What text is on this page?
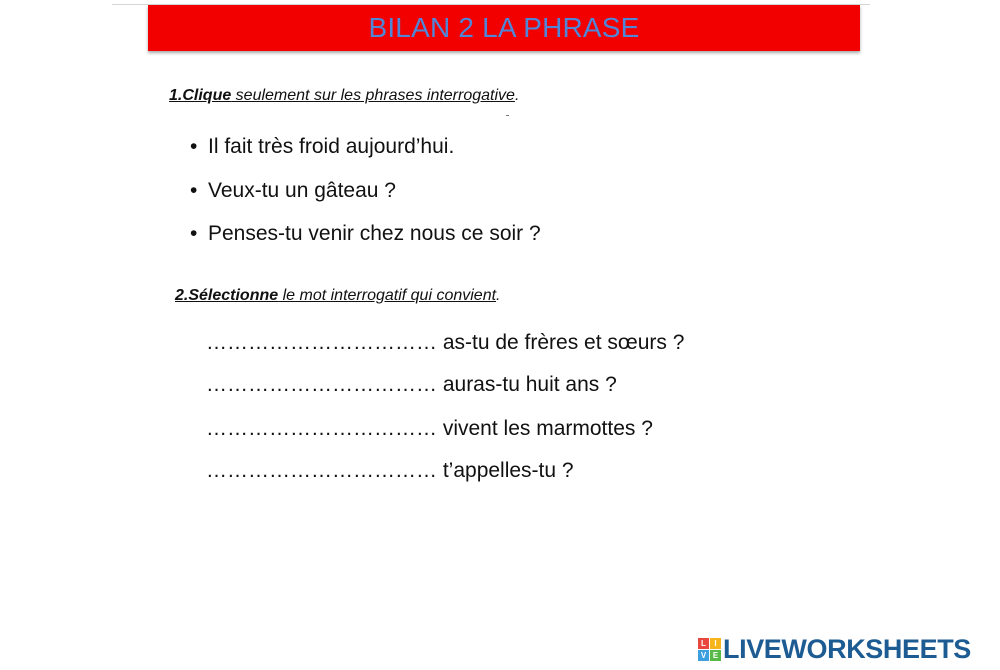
BILAN 2 LA PHRASE
1.Clique seulement sur les phrases interrogative.
• Il fait très froid aujourd’hui.
• Veux-tu un gâteau ?
• Penses-tu venir chez nous ce soir ?
2.Sélectionne le mot interrogatif qui convient.
…………………………… as-tu de frères et sœurs ?
…………………………… auras-tu huit ans ?
…………………………… vivent les marmottes ?
…………………………… t’appelles-tu ?
L	I
V E LIVEWORKSHEETS
